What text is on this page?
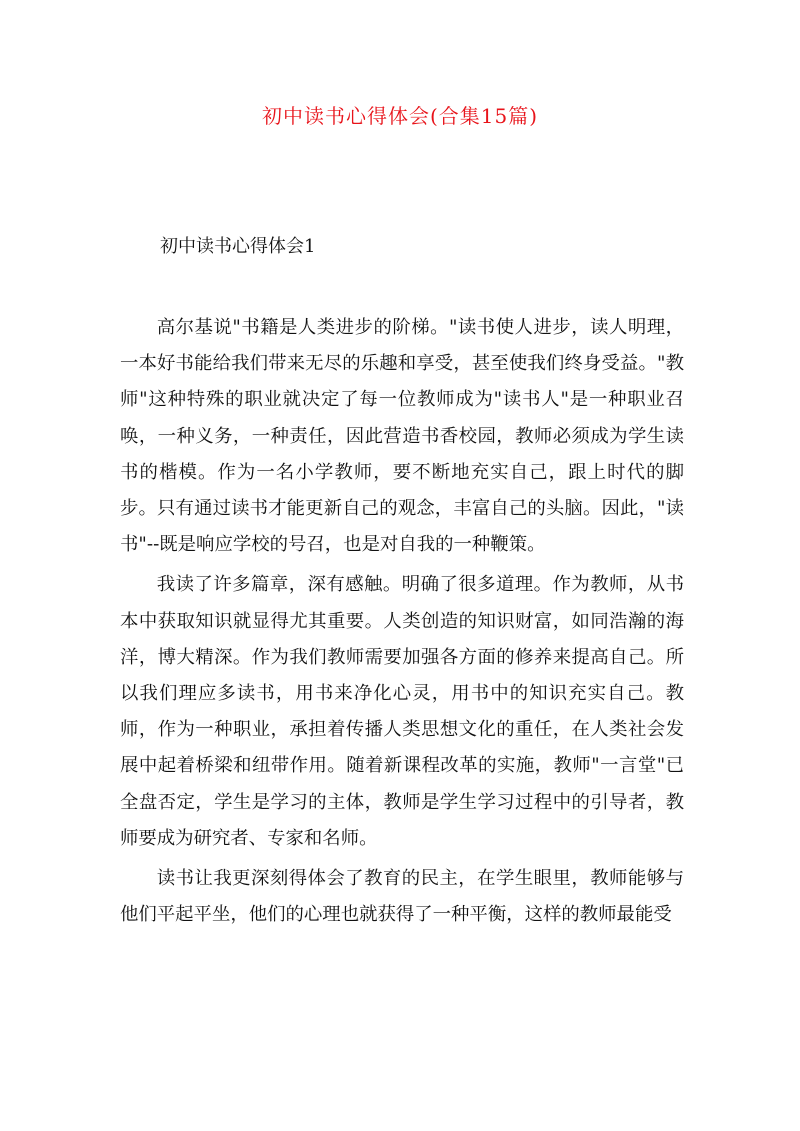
初中读书心得体会(合集15篇)
初中读书心得体会1

高尔基说"书籍是人类进步的阶梯。"读书使人进步，读人明理，一本好书能给我们带来无尽的乐趣和享受，甚至使我们终身受益。"教师"这种特殊的职业就决定了每一位教师成为"读书人"是一种职业召唤，一种义务，一种责任，因此营造书香校园，教师必须成为学生读书的楷模。作为一名小学教师，要不断地充实自己，跟上时代的脚步。只有通过读书才能更新自己的观念，丰富自己的头脑。因此，"读书"--既是响应学校的号召，也是对自我的一种鞭策。

我读了许多篇章，深有感触。明确了很多道理。作为教师，从书本中获取知识就显得尤其重要。人类创造的知识财富，如同浩瀚的海洋，博大精深。作为我们教师需要加强各方面的修养来提高自己。所以我们理应多读书，用书来净化心灵，用书中的知识充实自己。教师，作为一种职业，承担着传播人类思想文化的重任，在人类社会发展中起着桥梁和纽带作用。随着新课程改革的实施，教师"一言堂"已全盘否定，学生是学习的主体，教师是学生学习过程中的引导者，教师要成为研究者、专家和名师。

读书让我更深刻得体会了教育的民主，在学生眼里，教师能够与他们平起平坐，他们的心理也就获得了一种平衡，这样的教师最能受
